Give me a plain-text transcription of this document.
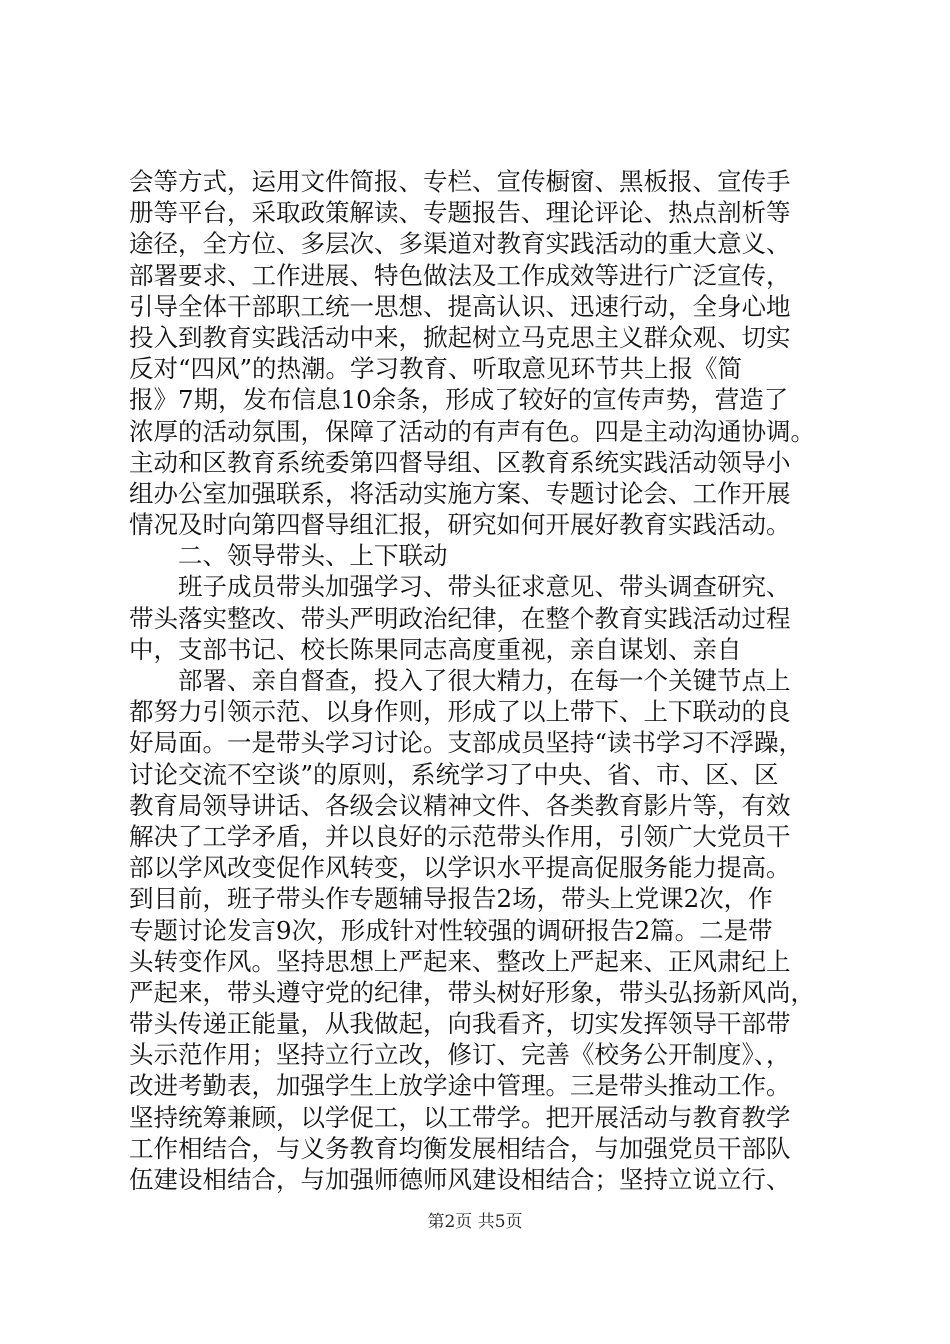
会等方式，运用文件简报、专栏、宣传橱窗、黑板报、宣传手
册等平台，采取政策解读、专题报告、理论评论、热点剖析等
途径，全方位、多层次、多渠道对教育实践活动的重大意义、
部署要求、工作进展、特色做法及工作成效等进行广泛宣传，
引导全体干部职工统一思想、提高认识、迅速行动，全身心地
投入到教育实践活动中来，掀起树立马克思主义群众观、切实
反对“四风”的热潮。学习教育、听取意见环节共上报《简
报》7期，发布信息10余条，形成了较好的宣传声势，营造了
浓厚的活动氛围，保障了活动的有声有色。四是主动沟通协调。
主动和区教育系统委第四督导组、区教育系统实践活动领导小
组办公室加强联系，将活动实施方案、专题讨论会、工作开展
情况及时向第四督导组汇报，研究如何开展好教育实践活动。
　　二、领导带头、上下联动
　　班子成员带头加强学习、带头征求意见、带头调查研究、
带头落实整改、带头严明政治纪律，在整个教育实践活动过程
中，支部书记、校长陈果同志高度重视，亲自谋划、亲自
　　部署、亲自督查，投入了很大精力，在每一个关键节点上
都努力引领示范、以身作则，形成了以上带下、上下联动的良
好局面。一是带头学习讨论。支部成员坚持“读书学习不浮躁，
讨论交流不空谈”的原则，系统学习了中央、省、市、区、区
教育局领导讲话、各级会议精神文件、各类教育影片等，有效
解决了工学矛盾，并以良好的示范带头作用，引领广大党员干
部以学风改变促作风转变，以学识水平提高促服务能力提高。
到目前，班子带头作专题辅导报告2场，带头上党课2次，作
专题讨论发言9次，形成针对性较强的调研报告2篇。二是带
头转变作风。坚持思想上严起来、整改上严起来、正风肃纪上
严起来，带头遵守党的纪律，带头树好形象，带头弘扬新风尚，
带头传递正能量，从我做起，向我看齐，切实发挥领导干部带
头示范作用；坚持立行立改，修订、完善《校务公开制度》、，
改进考勤表，加强学生上放学途中管理。三是带头推动工作。
坚持统筹兼顾，以学促工，以工带学。把开展活动与教育教学
工作相结合，与义务教育均衡发展相结合，与加强党员干部队
伍建设相结合，与加强师德师风建设相结合；坚持立说立行、
第2页 共5页
